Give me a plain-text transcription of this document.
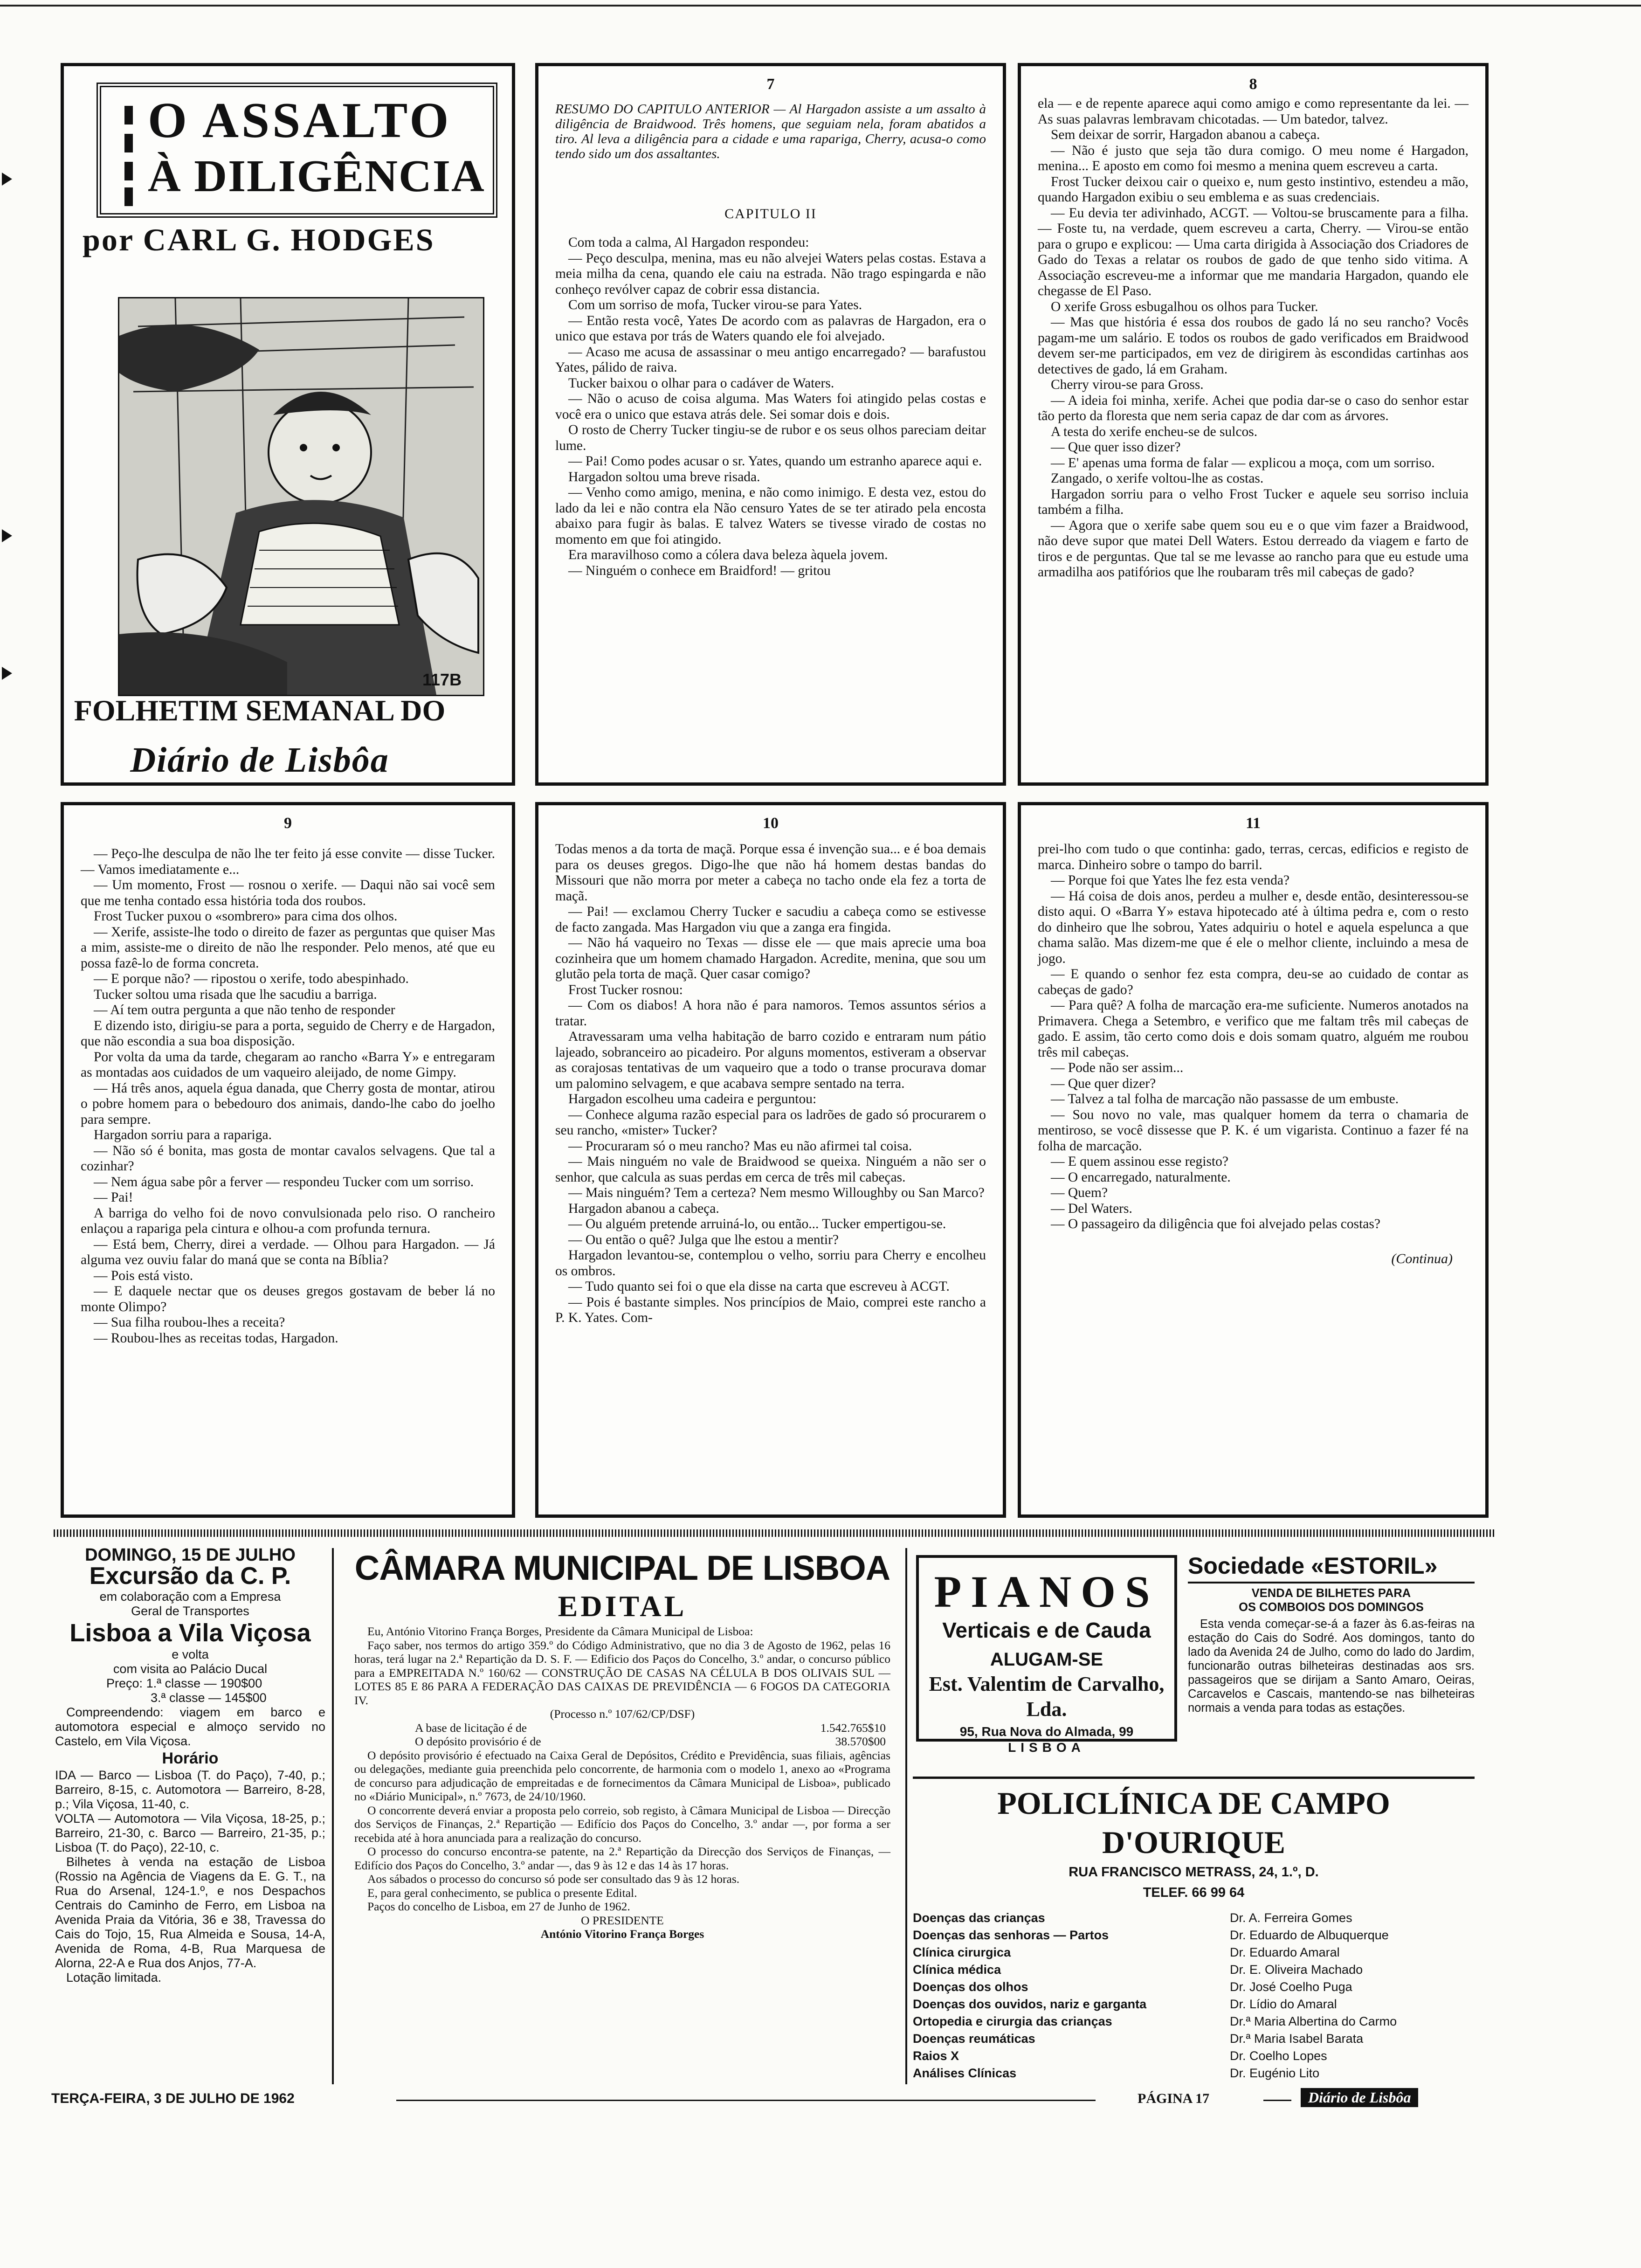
O ASSALTO
À DILIGÊNCIA
por CARL G. HODGES
117B
FOLHETIM SEMANAL DO
Diário de Lisbôa
7
RESUMO DO CAPITULO ANTERIOR — Al Hargadon assiste a um assalto à diligência de Braidwood. Três homens, que seguiam nela, foram abatidos a tiro. Al leva a diligência para a cidade e uma rapariga, Cherry, acusa-o como tendo sido um dos assaltantes.
CAPITULO II

Com toda a calma, Al Hargadon respondeu:

— Peço desculpa, menina, mas eu não alvejei Waters pelas costas. Estava a meia milha da cena, quando ele caiu na estrada. Não trago espingarda e não conheço revólver capaz de cobrir essa distancia.

Com um sorriso de mofa, Tucker virou-se para Yates.

— Então resta você, Yates De acordo com as palavras de Hargadon, era o unico que estava por trás de Waters quando ele foi alvejado.

— Acaso me acusa de assassinar o meu antigo encarregado? — barafustou Yates, pálido de raiva.

Tucker baixou o olhar para o cadáver de Waters.

— Não o acuso de coisa alguma. Mas Waters foi atingido pelas costas e você era o unico que estava atrás dele. Sei somar dois e dois.

O rosto de Cherry Tucker tingiu-se de rubor e os seus olhos pareciam deitar lume.

— Pai! Como podes acusar o sr. Yates, quando um estranho aparece aqui e.

Hargadon soltou uma breve risada.

— Venho como amigo, menina, e não como inimigo. E desta vez, estou do lado da lei e não contra ela Não censuro Yates de se ter atirado pela encosta abaixo para fugir às balas. E talvez Waters se tivesse virado de costas no momento em que foi atingido.

Era maravilhoso como a cólera dava beleza àquela jovem.

— Ninguém o conhece em Braidford! — gritou

8

ela — e de repente aparece aqui como amigo e como representante da lei. — As suas palavras lembravam chicotadas. — Um batedor, talvez.

Sem deixar de sorrir, Hargadon abanou a cabeça.

— Não é justo que seja tão dura comigo. O meu nome é Hargadon, menina... E aposto em como foi mesmo a menina quem escreveu a carta.

Frost Tucker deixou cair o queixo e, num gesto instintivo, estendeu a mão, quando Hargadon exibiu o seu emblema e as suas credenciais.

— Eu devia ter adivinhado, ACGT. — Voltou-se bruscamente para a filha. — Foste tu, na verdade, quem escreveu a carta, Cherry. — Virou-se então para o grupo e explicou: — Uma carta dirigida à Associação dos Criadores de Gado do Texas a relatar os roubos de gado de que tenho sido vitima. A Associação escreveu-me a informar que me mandaria Hargadon, quando ele chegasse de El Paso.

O xerife Gross esbugalhou os olhos para Tucker.

— Mas que história é essa dos roubos de gado lá no seu rancho? Vocês pagam-me um salário. E todos os roubos de gado verificados em Braidwood devem ser-me participados, em vez de dirigirem às escondidas cartinhas aos detectives de gado, lá em Graham.

Cherry virou-se para Gross.

— A ideia foi minha, xerife. Achei que podia dar-se o caso do senhor estar tão perto da floresta que nem seria capaz de dar com as árvores.

A testa do xerife encheu-se de sulcos.

— Que quer isso dizer?

— E' apenas uma forma de falar — explicou a moça, com um sorriso.

Zangado, o xerife voltou-lhe as costas.

Hargadon sorriu para o velho Frost Tucker e aquele seu sorriso incluia também a filha.

— Agora que o xerife sabe quem sou eu e o que vim fazer a Braidwood, não deve supor que matei Dell Waters. Estou derreado da viagem e farto de tiros e de perguntas. Que tal se me levasse ao rancho para que eu estude uma armadilha aos patifórios que lhe roubaram três mil cabeças de gado?

9

— Peço-lhe desculpa de não lhe ter feito já esse convite — disse Tucker. — Vamos imediatamente e...

— Um momento, Frost — rosnou o xerife. — Daqui não sai você sem que me tenha contado essa história toda dos roubos.

Frost Tucker puxou o «sombrero» para cima dos olhos.

— Xerife, assiste-lhe todo o direito de fazer as perguntas que quiser Mas a mim, assiste-me o direito de não lhe responder. Pelo menos, até que eu possa fazê-lo de forma concreta.

— E porque não? — ripostou o xerife, todo abespinhado.

Tucker soltou uma risada que lhe sacudiu a barriga.

— Aí tem outra pergunta a que não tenho de responder

E dizendo isto, dirigiu-se para a porta, seguido de Cherry e de Hargadon, que não escondia a sua boa disposição.

Por volta da uma da tarde, chegaram ao rancho «Barra Y» e entregaram as montadas aos cuidados de um vaqueiro aleijado, de nome Gimpy.

— Há três anos, aquela égua danada, que Cherry gosta de montar, atirou o pobre homem para o bebedouro dos animais, dando-lhe cabo do joelho para sempre.

Hargadon sorriu para a rapariga.

— Não só é bonita, mas gosta de montar cavalos selvagens. Que tal a cozinhar?

— Nem água sabe pôr a ferver — respondeu Tucker com um sorriso.

— Pai!

A barriga do velho foi de novo convulsionada pelo riso. O rancheiro enlaçou a rapariga pela cintura e olhou-a com profunda ternura.

— Está bem, Cherry, direi a verdade. — Olhou para Hargadon. — Já alguma vez ouviu falar do maná que se conta na Bíblia?

— Pois está visto.

— E daquele nectar que os deuses gregos gostavam de beber lá no monte Olimpo?

— Sua filha roubou-lhes a receita?

— Roubou-lhes as receitas todas, Hargadon.

10

Todas menos a da torta de maçã. Porque essa é invenção sua... e é boa demais para os deuses gregos. Digo-lhe que não há homem destas bandas do Missouri que não morra por meter a cabeça no tacho onde ela fez a torta de maçã.

— Pai! — exclamou Cherry Tucker e sacudiu a cabeça como se estivesse de facto zangada. Mas Hargadon viu que a zanga era fingida.

— Não há vaqueiro no Texas — disse ele — que mais aprecie uma boa cozinheira que um homem chamado Hargadon. Acredite, menina, que sou um glutão pela torta de maçã. Quer casar comigo?

Frost Tucker rosnou:

— Com os diabos! A hora não é para namoros. Temos assuntos sérios a tratar.

Atravessaram uma velha habitação de barro cozido e entraram num pátio lajeado, sobranceiro ao picadeiro. Por alguns momentos, estiveram a observar as corajosas tentativas de um vaqueiro que a todo o transe procurava domar um palomino selvagem, e que acabava sempre sentado na terra.

Hargadon escolheu uma cadeira e perguntou:

— Conhece alguma razão especial para os ladrões de gado só procurarem o seu rancho, «mister» Tucker?

— Procuraram só o meu rancho? Mas eu não afirmei tal coisa.

— Mais ninguém no vale de Braidwood se queixa. Ninguém a não ser o senhor, que calcula as suas perdas em cerca de três mil cabeças.

— Mais ninguém? Tem a certeza? Nem mesmo Willoughby ou San Marco?

Hargadon abanou a cabeça.

— Ou alguém pretende arruiná-lo, ou então... Tucker empertigou-se.

— Ou então o quê? Julga que lhe estou a mentir?

Hargadon levantou-se, contemplou o velho, sorriu para Cherry e encolheu os ombros.

— Tudo quanto sei foi o que ela disse na carta que escreveu à ACGT.

— Pois é bastante simples. Nos princípios de Maio, comprei este rancho a P. K. Yates. Com-

11

prei-lho com tudo o que continha: gado, terras, cercas, edificios e registo de marca. Dinheiro sobre o tampo do barril.

— Porque foi que Yates lhe fez esta venda?

— Há coisa de dois anos, perdeu a mulher e, desde então, desinteressou-se disto aqui. O «Barra Y» estava hipotecado até à última pedra e, com o resto do dinheiro que lhe sobrou, Yates adquiriu o hotel e aquela espelunca a que chama salão. Mas dizem-me que é ele o melhor cliente, incluindo a mesa de jogo.

— E quando o senhor fez esta compra, deu-se ao cuidado de contar as cabeças de gado?

— Para quê? A folha de marcação era-me suficiente. Numeros anotados na Primavera. Chega a Setembro, e verifico que me faltam três mil cabeças de gado. E assim, tão certo como dois e dois somam quatro, alguém me roubou três mil cabeças.

— Pode não ser assim...

— Que quer dizer?

— Talvez a tal folha de marcação não passasse de um embuste.

— Sou novo no vale, mas qualquer homem da terra o chamaria de mentiroso, se você dissesse que P. K. é um vigarista. Continuo a fazer fé na folha de marcação.

— E quem assinou esse registo?

— O encarregado, naturalmente.

— Quem?

— Del Waters.

— O passageiro da diligência que foi alvejado pelas costas?

(Continua)
DOMINGO, 15 DE JULHO
Excursão da C. P.
em colaboração com a Empresa
Geral de Transportes
Lisboa a Vila Viçosa
e volta
com visita ao Palácio Ducal
Preço: 1.ª classe — 190$00
3.ª classe — 145$00
Compreendendo: viagem em barco e automotora especial e almoço servido no Castelo, em Vila Viçosa.
Horário
IDA — Barco — Lisboa (T. do Paço), 7-40, p.; Barreiro, 8-15, c. Automotora — Barreiro, 8-28, p.; Vila Viçosa, 11-40, c.
VOLTA — Automotora — Vila Viçosa, 18-25, p.; Barreiro, 21-30, c. Barco — Barreiro, 21-35, p.; Lisboa (T. do Paço), 22-10, c.
Bilhetes à venda na estação de Lisboa (Rossio na Agência de Viagens da E. G. T., na Rua do Arsenal, 124-1.º, e nos Despachos Centrais do Caminho de Ferro, em Lisboa na Avenida Praia da Vitória, 36 e 38, Travessa do Cais do Tojo, 15, Rua Almeida e Sousa, 14-A, Avenida de Roma, 4-B, Rua Marquesa de Alorna, 22-A e Rua dos Anjos, 77-A.
Lotação limitada.
CÂMARA MUNICIPAL DE LISBOA
EDITAL
Eu, António Vitorino França Borges, Presidente da Câmara Municipal de Lisboa:
Faço saber, nos termos do artigo 359.º do Código Administrativo, que no dia 3 de Agosto de 1962, pelas 16 horas, terá lugar na 2.ª Repartição da D. S. F. — Edificio dos Paços do Concelho, 3.º andar, o concurso público para a EMPREITADA N.º 160/62 — CONSTRUÇÃO DE CASAS NA CÉLULA B DOS OLIVAIS SUL — LOTES 85 E 86 PARA A FEDERAÇÃO DAS CAIXAS DE PREVIDÊNCIA — 6 FOGOS DA CATEGORIA IV.
(Processo n.º 107/62/CP/DSF)
A base de licitação é de	1.542.765$10
O depósito provisório é de	38.570$00
O depósito provisório é efectuado na Caixa Geral de Depósitos, Crédito e Previdência, suas filiais, agências ou delegações, mediante guia preenchida pelo concorrente, de harmonia com o modelo 1, anexo ao «Programa de concurso para adjudicação de empreitadas e de fornecimentos da Câmara Municipal de Lisboa», publicado no «Diário Municipal», n.º 7673, de 24/10/1960.
O concorrente deverá enviar a proposta pelo correio, sob registo, à Câmara Municipal de Lisboa — Direcção dos Serviços de Finanças, 2.ª Repartição — Edifício dos Paços do Concelho, 3.º andar —, por forma a ser recebida até à hora anunciada para a realização do concurso.
O processo do concurso encontra-se patente, na 2.ª Repartição da Direcção dos Serviços de Finanças, — Edifício dos Paços do Concelho, 3.º andar —, das 9 às 12 e das 14 às 17 horas.
Aos sábados o processo do concurso só pode ser consultado das 9 às 12 horas.
E, para geral conhecimento, se publica o presente Edital.
Paços do concelho de Lisboa, em 27 de Junho de 1962.
O PRESIDENTE
António Vitorino França Borges
PIANOS
Verticais e de Cauda
ALUGAM-SE
Est. Valentim de Carvalho, Lda.
95, Rua Nova do Almada, 99
LISBOA
Sociedade «ESTORIL»
VENDA DE BILHETES PARA
OS COMBOIOS DOS DOMINGOS
Esta venda começar-se-á a fazer às 6.as-feiras na estação do Cais do Sodré. Aos domingos, tanto do lado da Avenida 24 de Julho, como do lado do Jardim, funcionarão outras bilheteiras destinadas aos srs. passageiros que se dirijam a Santo Amaro, Oeiras, Carcavelos e Cascais, mantendo-se nas bilheteiras normais a venda para todas as estações.
POLICLÍNICA DE CAMPO D'OURIQUE
RUA FRANCISCO METRASS, 24, 1.º, D.
TELEF. 66 99 64
Doenças das crianças	Dr. A. Ferreira Gomes
Doenças das senhoras — Partos	Dr. Eduardo de Albuquerque
Clínica cirurgica	Dr. Eduardo Amaral
Clínica médica	Dr. E. Oliveira Machado
Doenças dos olhos	Dr. José Coelho Puga
Doenças dos ouvidos, nariz e garganta	Dr. Lídio do Amaral
Ortopedia e cirurgia das crianças	Dr.ª Maria Albertina do Carmo
Doenças reumáticas	Dr.ª Maria Isabel Barata
Raios X	Dr. Coelho Lopes
Análises Clínicas	Dr. Eugénio Lito
TERÇA-FEIRA, 3 DE JULHO DE 1962	PÁGINA 17	Diário de Lisbôa
